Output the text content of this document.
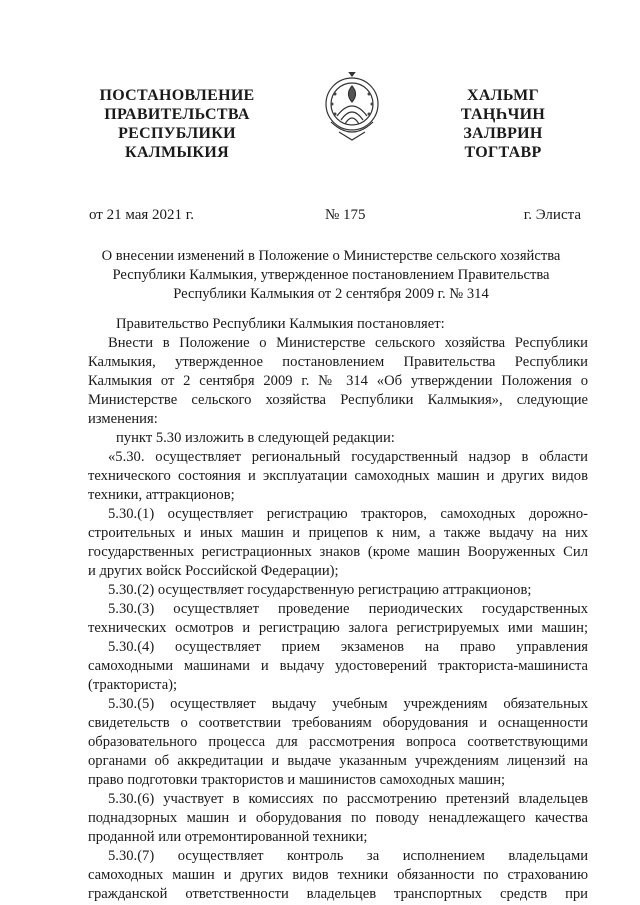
ПОСТАНОВЛЕНИЕ
ПРАВИТЕЛЬСТВА
РЕСПУБЛИКИ
КАЛМЫКИЯ
ХАЛЬМГ
ТАҢҺЧИН
ЗАЛВРИН
ТОГТАВР
от 21 мая 2021 г.	№ 175	г. Элиста
О внесении изменений в Положение о Министерстве сельского хозяйства
Республики Калмыкия, утвержденное постановлением Правительства
Республики Калмыкия от 2 сентября 2009 г. № 314
Правительство Республики Калмыкия постановляет:
Внести в Положение о Министерстве сельского хозяйства Республики
Калмыкия, утвержденное постановлением Правительства Республики
Калмыкия от 2 сентября 2009 г. № 314 «Об утверждении Положения о
Министерстве сельского хозяйства Республики Калмыкия», следующие
изменения:
пункт 5.30 изложить в следующей редакции:
«5.30. осуществляет региональный государственный надзор в области
технического состояния и эксплуатации самоходных машин и других видов
техники, аттракционов;
5.30.(1) осуществляет регистрацию тракторов, самоходных дорожно-
строительных и иных машин и прицепов к ним, а также выдачу на них
государственных регистрационных знаков (кроме машин Вооруженных Сил
и других войск Российской Федерации);
5.30.(2) осуществляет государственную регистрацию аттракционов;
5.30.(3) осуществляет проведение периодических государственных
технических осмотров и регистрацию залога регистрируемых ими машин;
5.30.(4) осуществляет прием экзаменов на право управления
самоходными машинами и выдачу удостоверений тракториста-машиниста
(тракториста);
5.30.(5) осуществляет выдачу учебным учреждениям обязательных
свидетельств о соответствии требованиям оборудования и оснащенности
образовательного процесса для рассмотрения вопроса соответствующими
органами об аккредитации и выдаче указанным учреждениям лицензий на
право подготовки трактористов и машинистов самоходных машин;
5.30.(6) участвует в комиссиях по рассмотрению претензий владельцев
поднадзорных машин и оборудования по поводу ненадлежащего качества
проданной или отремонтированной техники;
5.30.(7) осуществляет контроль за исполнением владельцами
самоходных машин и других видов техники обязанности по страхованию
гражданской ответственности владельцев транспортных средств при
